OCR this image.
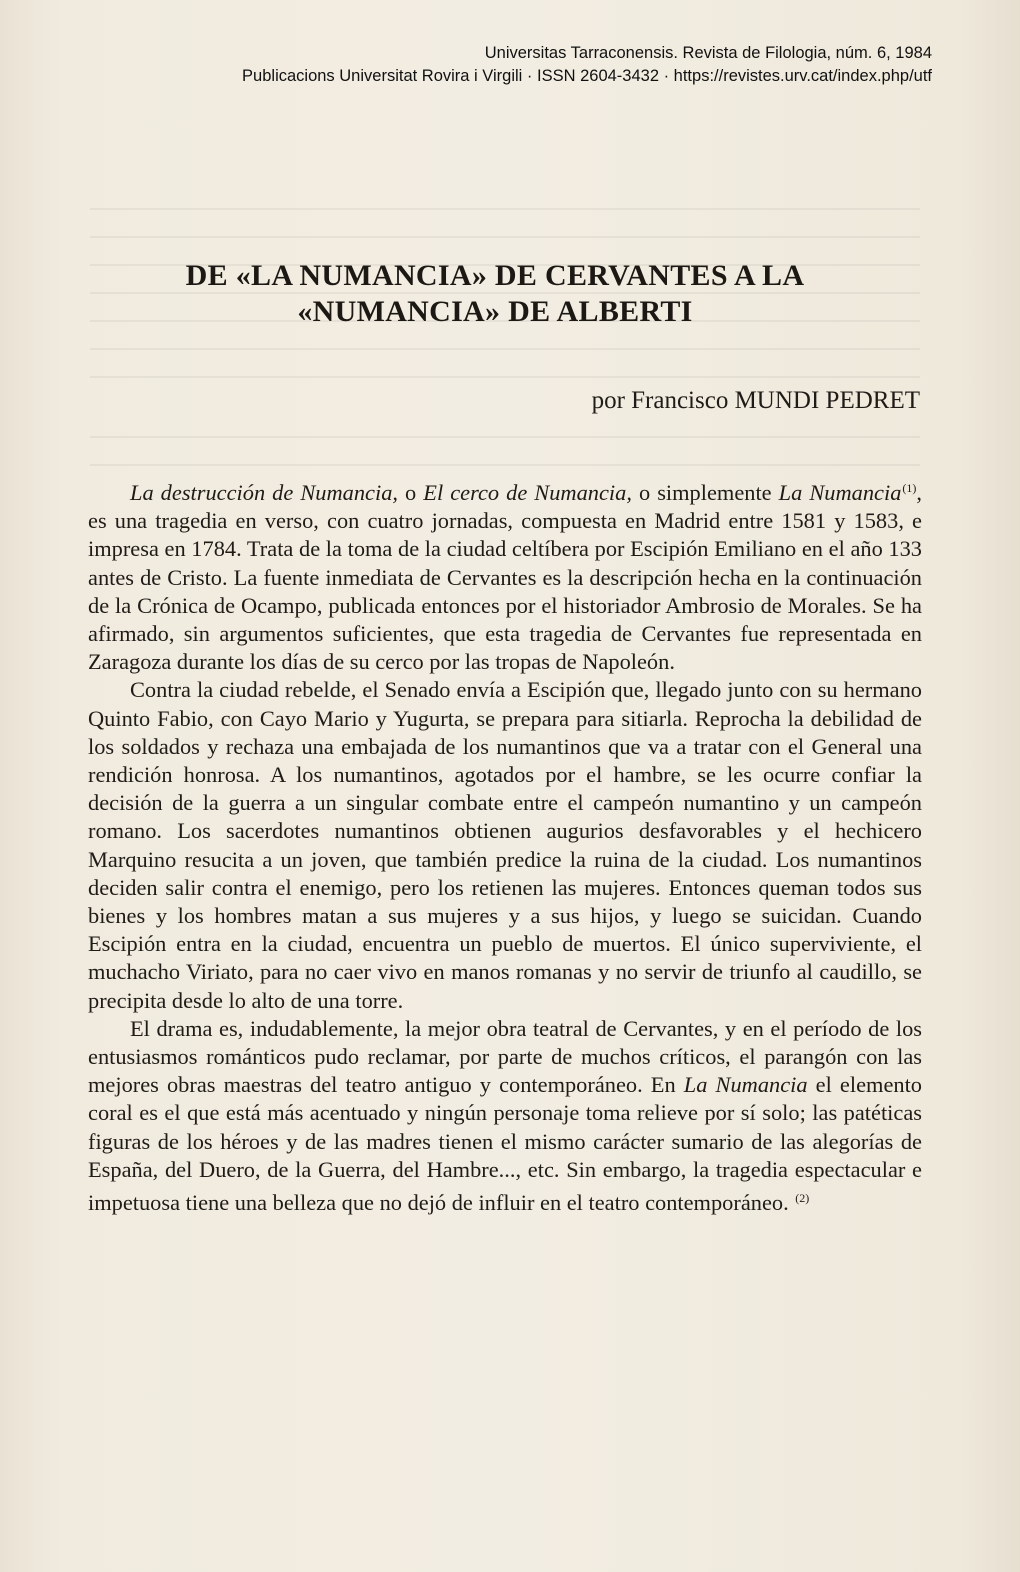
Universitas Tarraconensis. Revista de Filologia, núm. 6, 1984
Publicacions Universitat Rovira i Virgili · ISSN 2604-3432 · https://revistes.urv.cat/index.php/utf
DE «LA NUMANCIA» DE CERVANTES A LA
«NUMANCIA» DE ALBERTI
por Francisco MUNDI PEDRET

La destrucción de Numancia, o El cerco de Numancia, o simplemente La Numancia$^{(1)}$, es una tragedia en verso, con cuatro jornadas, compuesta en Madrid entre 1581 y 1583, e impresa en 1784. Trata de la toma de la ciudad celtíbera por Escipión Emiliano en el año 133 antes de Cristo. La fuente inmediata de Cervantes es la descripción hecha en la continuación de la Crónica de Ocampo, publicada entonces por el historiador Ambrosio de Morales. Se ha afirmado, sin argumentos suficientes, que esta tragedia de Cervantes fue representada en Zaragoza durante los días de su cerco por las tropas de Napoleón.

Contra la ciudad rebelde, el Senado envía a Escipión que, llegado junto con su hermano Quinto Fabio, con Cayo Mario y Yugurta, se prepara para sitiarla. Reprocha la debilidad de los soldados y rechaza una embajada de los numantinos que va a tratar con el General una rendición honrosa. A los numantinos, agotados por el hambre, se les ocurre confiar la decisión de la guerra a un singular combate entre el campeón numantino y un campeón romano. Los sacerdotes numantinos obtienen augurios desfavorables y el hechicero Marquino resucita a un joven, que también predice la ruina de la ciudad. Los numantinos deciden salir contra el enemigo, pero los retienen las mujeres. Entonces queman todos sus bienes y los hombres matan a sus mujeres y a sus hijos, y luego se suicidan. Cuando Escipión entra en la ciudad, encuentra un pueblo de muertos. El único superviviente, el muchacho Viriato, para no caer vivo en manos romanas y no servir de triunfo al caudillo, se precipita desde lo alto de una torre.

El drama es, indudablemente, la mejor obra teatral de Cervantes, y en el período de los entusiasmos románticos pudo reclamar, por parte de muchos críticos, el parangón con las mejores obras maestras del teatro antiguo y contemporáneo. En La Numancia el elemento coral es el que está más acentuado y ningún personaje toma relieve por sí solo; las patéticas figuras de los héroes y de las madres tienen el mismo carácter sumario de las alegorías de España, del Duero, de la Guerra, del Hambre..., etc. Sin embargo, la tragedia espectacular e impetuosa tiene una belleza que no dejó de influir en el teatro contemporáneo. $^{(2)}$
